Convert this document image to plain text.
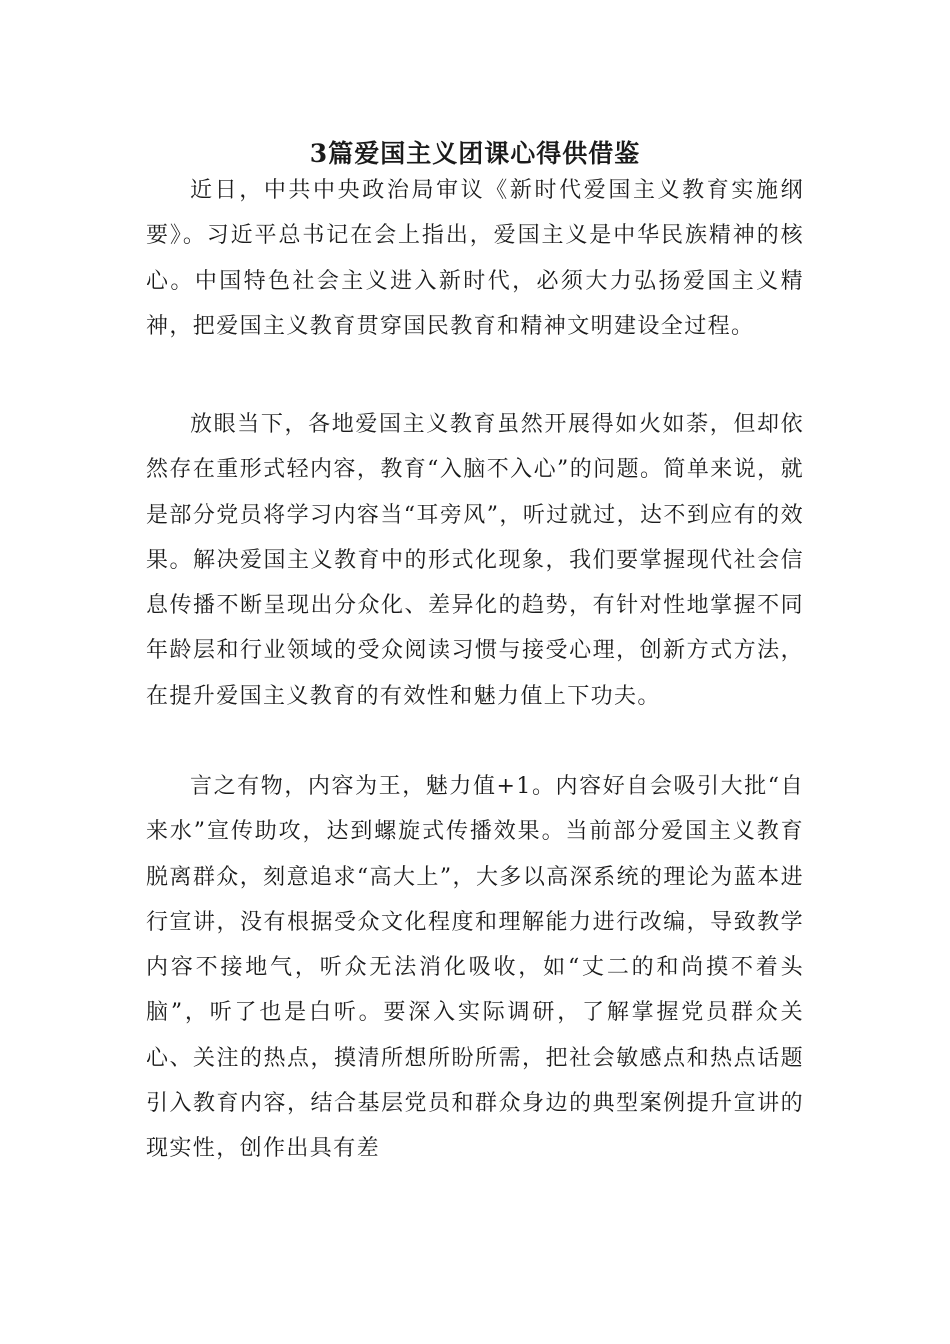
3篇爱国主义团课心得供借鉴

近日，中共中央政治局审议《新时代爱国主义教育实施纲要》。习近平总书记在会上指出，爱国主义是中华民族精神的核心。中国特色社会主义进入新时代，必须大力弘扬爱国主义精神，把爱国主义教育贯穿国民教育和精神文明建设全过程。

放眼当下，各地爱国主义教育虽然开展得如火如荼，但却依然存在重形式轻内容，教育“入脑不入心”的问题。简单来说，就是部分党员将学习内容当“耳旁风”，听过就过，达不到应有的效果。解决爱国主义教育中的形式化现象，我们要掌握现代社会信息传播不断呈现出分众化、差异化的趋势，有针对性地掌握不同年龄层和行业领域的受众阅读习惯与接受心理，创新方式方法，在提升爱国主义教育的有效性和魅力值上下功夫。

言之有物，内容为王，魅力值+1。内容好自会吸引大批“自来水”宣传助攻，达到螺旋式传播效果。当前部分爱国主义教育脱离群众，刻意追求“高大上”，大多以高深系统的理论为蓝本进行宣讲，没有根据受众文化程度和理解能力进行改编，导致教学内容不接地气，听众无法消化吸收，如“丈二的和尚摸不着头脑”，听了也是白听。要深入实际调研，了解掌握党员群众关心、关注的热点，摸清所想所盼所需，把社会敏感点和热点话题引入教育内容，结合基层党员和群众身边的典型案例提升宣讲的现实性，创作出具有差
